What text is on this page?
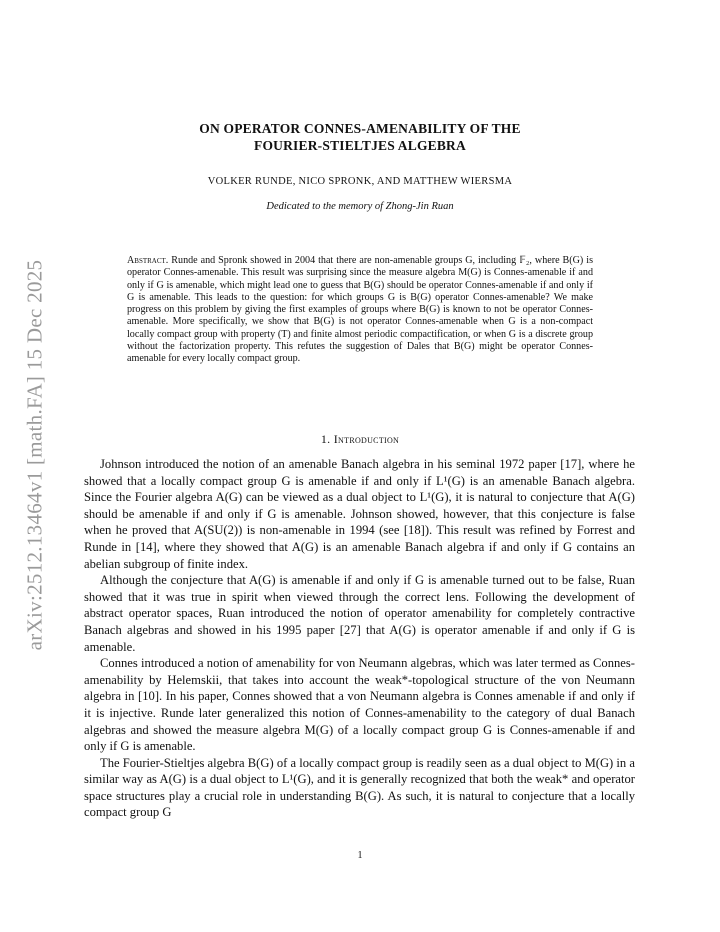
arXiv:2512.13464v1 [math.FA] 15 Dec 2025
ON OPERATOR CONNES-AMENABILITY OF THE
FOURIER-STIELTJES ALGEBRA
VOLKER RUNDE, NICO SPRONK, AND MATTHEW WIERSMA
Dedicated to the memory of Zhong-Jin Ruan
Abstract. Runde and Spronk showed in 2004 that there are non-amenable groups G, including 𝔽₂, where B(G) is operator Connes-amenable. This result was surprising since the measure algebra M(G) is Connes-amenable if and only if G is amenable, which might lead one to guess that B(G) should be operator Connes-amenable if and only if G is amenable. This leads to the question: for which groups G is B(G) operator Connes-amenable? We make progress on this problem by giving the first examples of groups where B(G) is known to not be operator Connes-amenable. More specifically, we show that B(G) is not operator Connes-amenable when G is a non-compact locally compact group with property (T) and finite almost periodic compactification, or when G is a discrete group without the factorization property. This refutes the suggestion of Dales that B(G) might be operator Connes-amenable for every locally compact group.
1. Introduction

Johnson introduced the notion of an amenable Banach algebra in his seminal 1972 paper [17], where he showed that a locally compact group G is amenable if and only if L¹(G) is an amenable Banach algebra. Since the Fourier algebra A(G) can be viewed as a dual object to L¹(G), it is natural to conjecture that A(G) should be amenable if and only if G is amenable. Johnson showed, however, that this conjecture is false when he proved that A(SU(2)) is non-amenable in 1994 (see [18]). This result was refined by Forrest and Runde in [14], where they showed that A(G) is an amenable Banach algebra if and only if G contains an abelian subgroup of finite index.

Although the conjecture that A(G) is amenable if and only if G is amenable turned out to be false, Ruan showed that it was true in spirit when viewed through the correct lens. Following the development of abstract operator spaces, Ruan introduced the notion of operator amenability for completely contractive Banach algebras and showed in his 1995 paper [27] that A(G) is operator amenable if and only if G is amenable.

Connes introduced a notion of amenability for von Neumann algebras, which was later termed as Connes-amenability by Helemskii, that takes into account the weak*-topological structure of the von Neumann algebra in [10]. In his paper, Connes showed that a von Neumann algebra is Connes amenable if and only if it is injective. Runde later generalized this notion of Connes-amenability to the category of dual Banach algebras and showed the measure algebra M(G) of a locally compact group G is Connes-amenable if and only if G is amenable.

The Fourier-Stieltjes algebra B(G) of a locally compact group is readily seen as a dual object to M(G) in a similar way as A(G) is a dual object to L¹(G), and it is generally recognized that both the weak* and operator space structures play a crucial role in understanding B(G). As such, it is natural to conjecture that a locally compact group G

1
